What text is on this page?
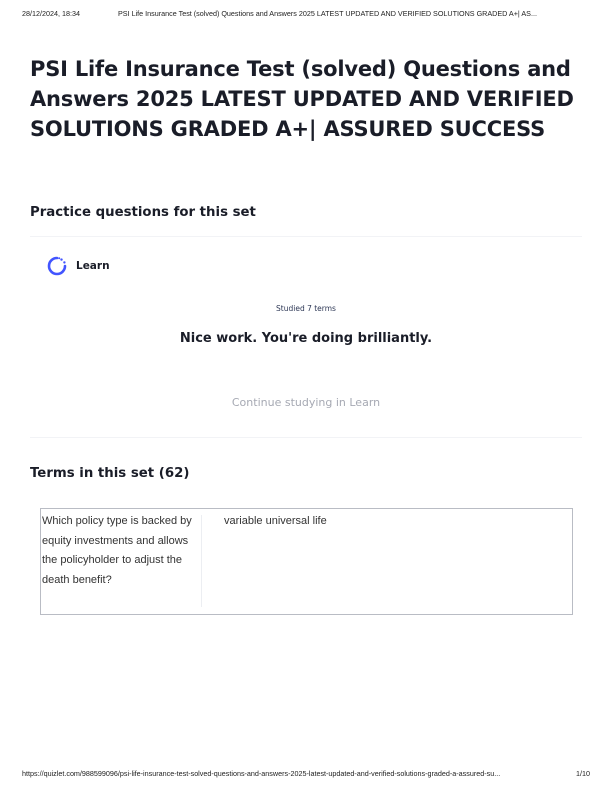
28/12/2024, 18:34	PSI Life Insurance Test (solved) Questions and Answers 2025 LATEST UPDATED AND VERIFIED SOLUTIONS GRADED A+| AS...
PSI Life Insurance Test (solved) Questions and Answers 2025 LATEST UPDATED AND VERIFIED SOLUTIONS GRADED A+| ASSURED SUCCESS
Practice questions for this set
Learn
Studied 7 terms
Nice work. You're doing brilliantly.
Continue studying in Learn
Terms in this set (62)
Which policy type is backed by equity investments and allows the policyholder to adjust the death benefit?
variable universal life
https://quizlet.com/988599096/psi-life-insurance-test-solved-questions-and-answers-2025-latest-updated-and-verified-solutions-graded-a-assured-su...	1/10
